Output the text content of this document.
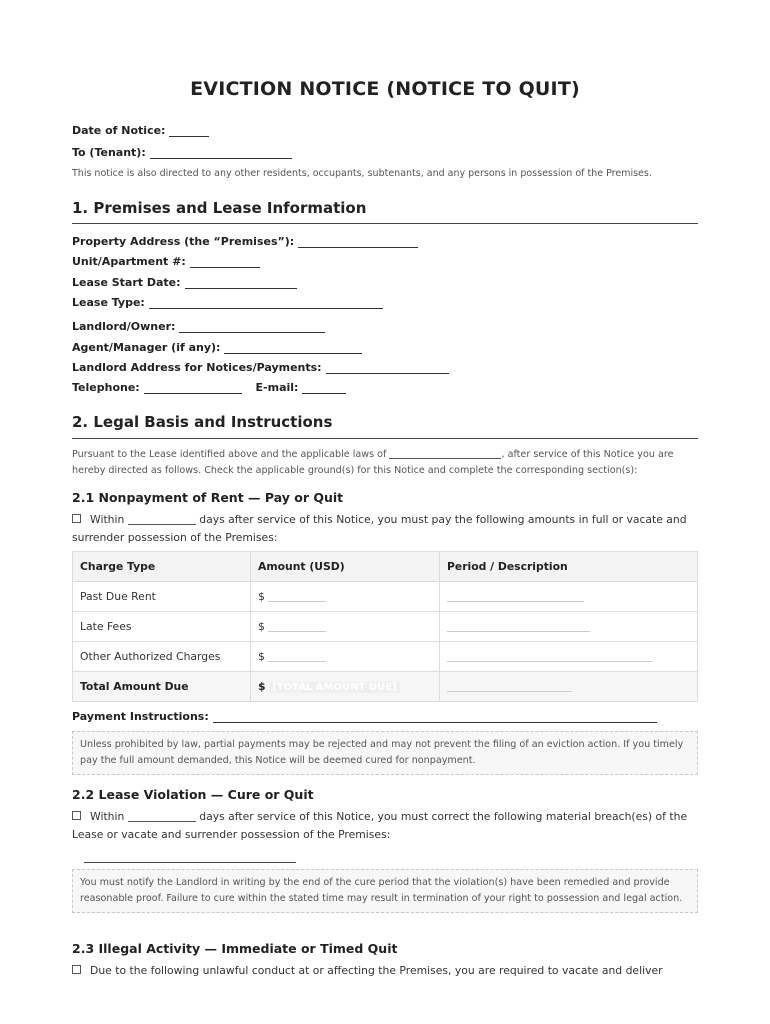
EVICTION NOTICE (NOTICE TO QUIT)
Date of Notice:
To (Tenant):
This notice is also directed to any other residents, occupants, subtenants, and any persons in possession of the Premises.
1. Premises and Lease Information
Property Address (the “Premises”):
Unit/Apartment #:
Lease Start Date:
Lease Type:
Landlord/Owner:
Agent/Manager (if any):
Landlord Address for Notices/Payments:
Telephone:	E-mail:
2. Legal Basis and Instructions
Pursuant to the Lease identified above and the applicable laws of	, after service of this Notice you are hereby directed as follows. Check the applicable ground(s) for this Notice and complete the corresponding section(s):
2.1 Nonpayment of Rent — Pay or Quit
Within	days after service of this Notice, you must pay the following amounts in full or vacate and surrender possession of the Premises:
Charge Type	Amount (USD)	Period / Description
Past Due Rent	$	
Late Fees	$	
Other Authorized Charges	$	
Total Amount Due	$ [TOTAL AMOUNT DUE]	
Payment Instructions:
Unless prohibited by law, partial payments may be rejected and may not prevent the filing of an eviction action. If you timely pay the full amount demanded, this Notice will be deemed cured for nonpayment.
2.2 Lease Violation — Cure or Quit
Within	days after service of this Notice, you must correct the following material breach(es) of the Lease or vacate and surrender possession of the Premises:
You must notify the Landlord in writing by the end of the cure period that the violation(s) have been remedied and provide reasonable proof. Failure to cure within the stated time may result in termination of your right to possession and legal action.
2.3 Illegal Activity — Immediate or Timed Quit
Due to the following unlawful conduct at or affecting the Premises, you are required to vacate and deliver
